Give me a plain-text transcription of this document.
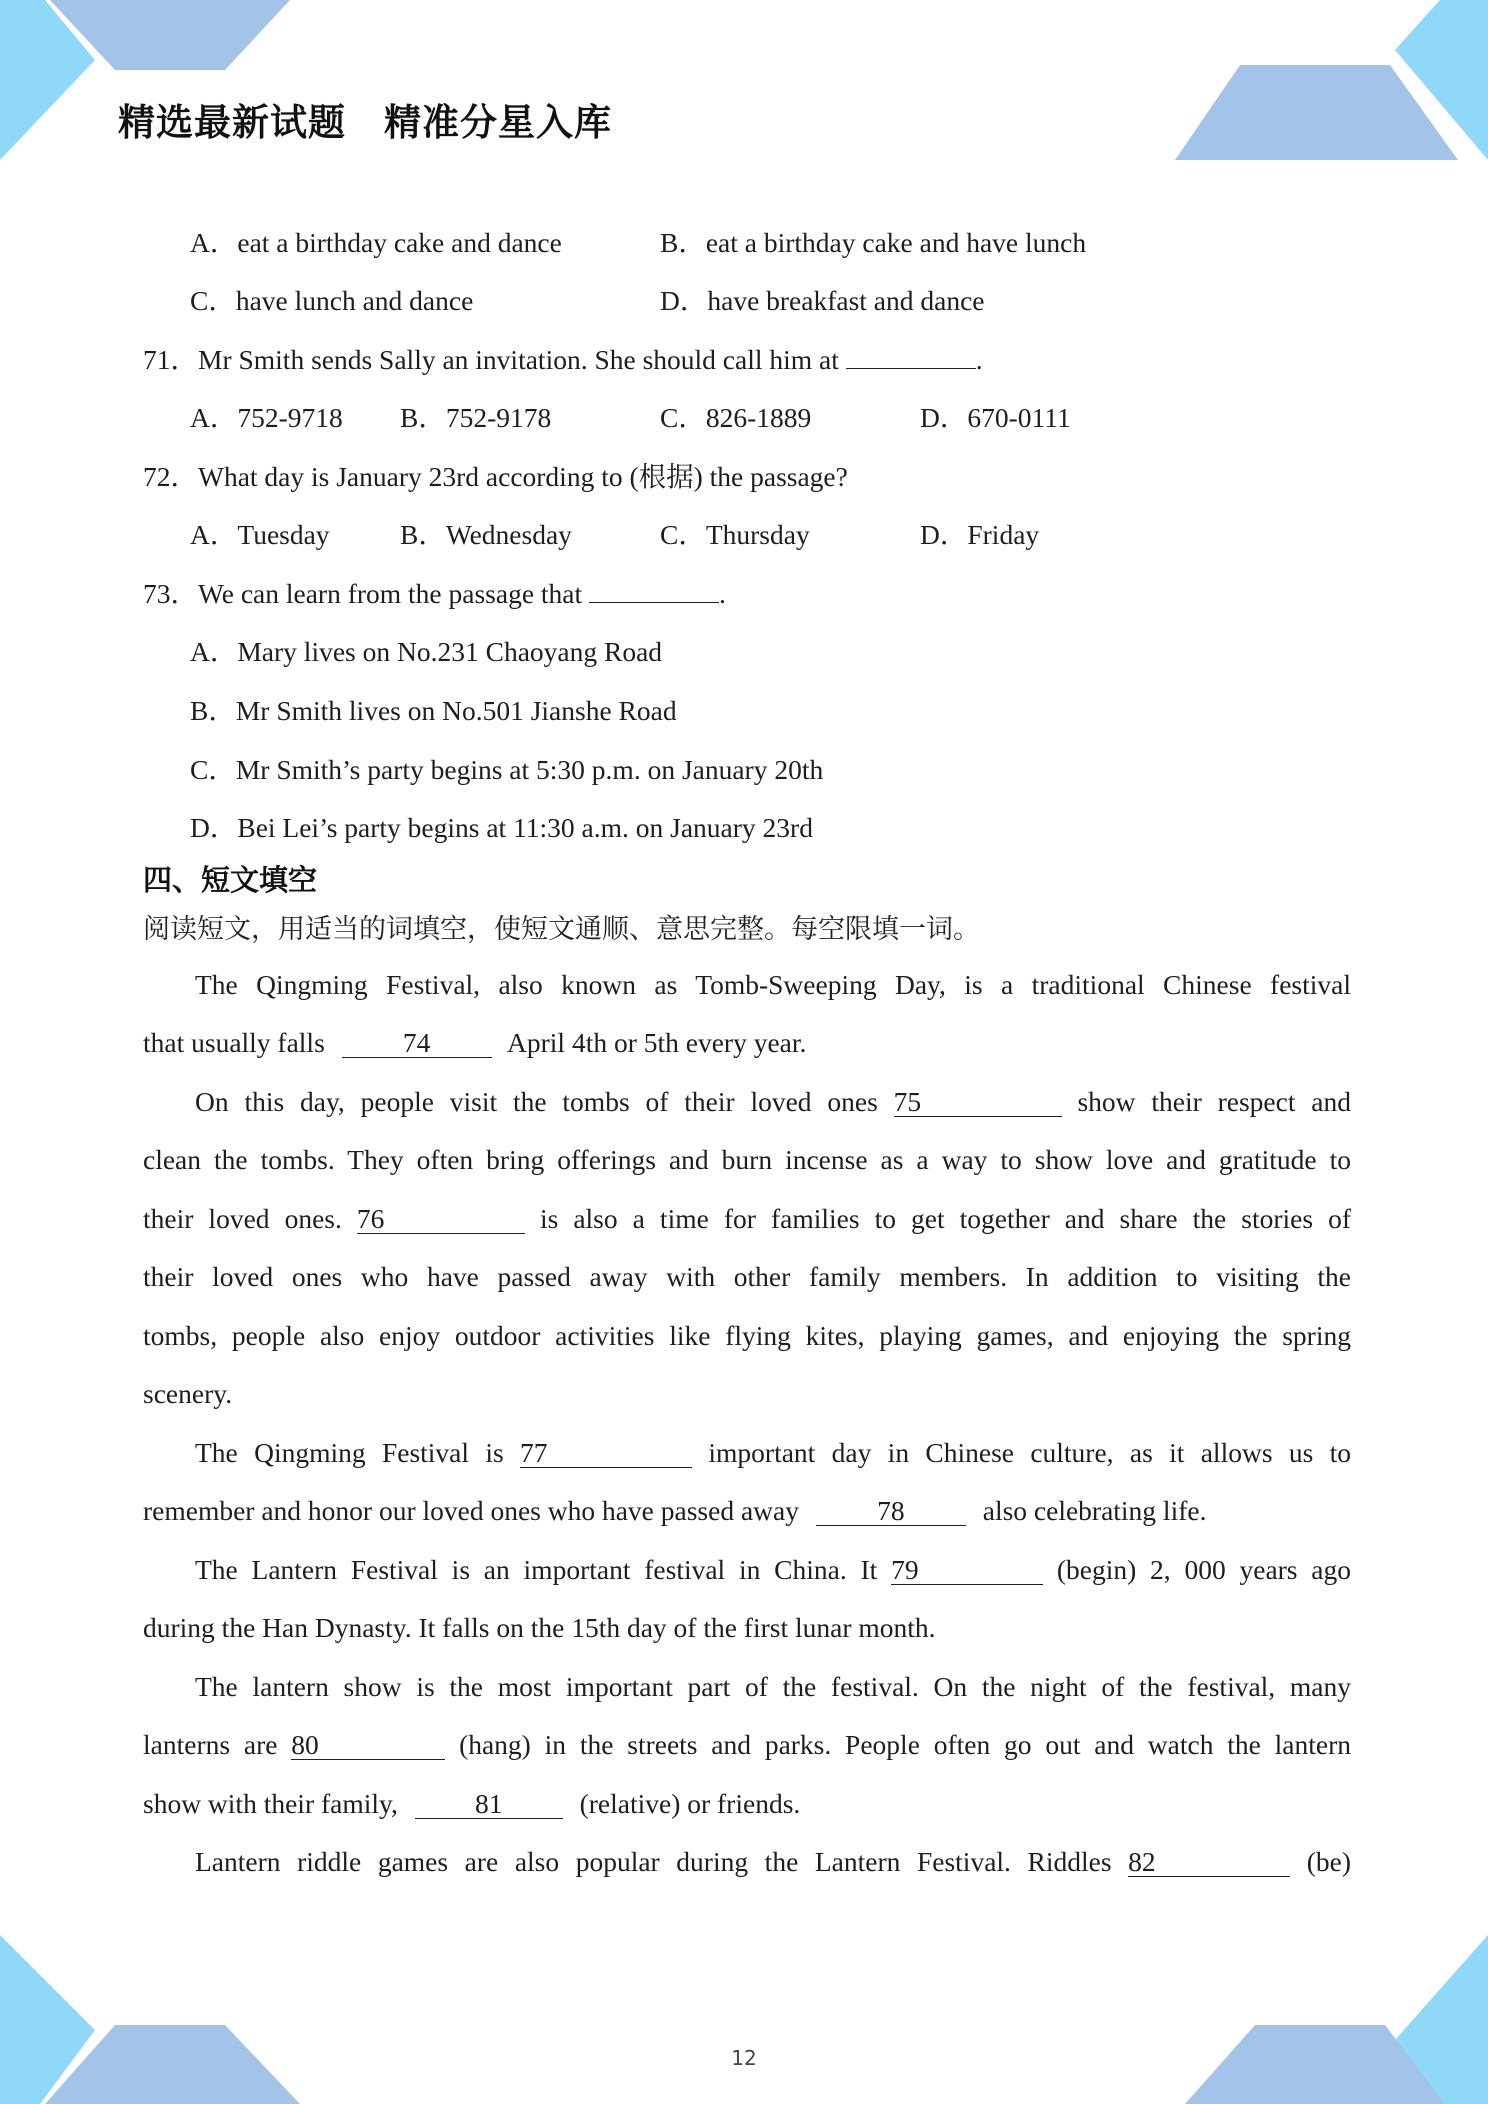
精选最新试题　精准分星入库
A．eat a birthday cake and dance	B．eat a birthday cake and have lunch
C．have lunch and dance	D．have breakfast and dance
71．Mr Smith sends Sally an invitation. She should call him at	.
A．752-9718 B．752-9178	C．826-1889	D．670-0111
72．What day is January 23rd according to (根据) the passage?
A．Tuesday	B．Wednesday	C．Thursday	D．Friday
73．We can learn from the passage that	.
A．Mary lives on No.231 Chaoyang Road
B．Mr Smith lives on No.501 Jianshe Road
C．Mr Smith’s party begins at 5:30 p.m. on January 20th
D．Bei Lei’s party begins at 11:30 a.m. on January 23rd
四、短文填空
阅读短文，用适当的词填空，使短文通顺、意思完整。每空限填一词。
The Qingming Festival, also known as Tomb-Sweeping Day, is a traditional Chinese festival
that usually falls	74	April 4th or 5th every year.
On this day, people visit the tombs of their loved ones 75	show their respect and
clean the tombs. They often bring offerings and burn incense as a way to show love and gratitude to
their loved ones. 76	is also a time for families to get together and share the stories of
their loved ones who have passed away with other family members. In addition to visiting the
tombs, people also enjoy outdoor activities like flying kites, playing games, and enjoying the spring
scenery.
The Qingming Festival is 77	important day in Chinese culture, as it allows us to
remember and honor our loved ones who have passed away	78	also celebrating life.
The Lantern Festival is an important festival in China. It 79	(begin) 2, 000 years ago
during the Han Dynasty. It falls on the 15th day of the first lunar month.
The lantern show is the most important part of the festival. On the night of the festival, many
lanterns are 80	(hang) in the streets and parks. People often go out and watch the lantern
show with their family,	81	(relative) or friends.
Lantern riddle games are also popular during the Lantern Festival. Riddles 82	(be)
12
